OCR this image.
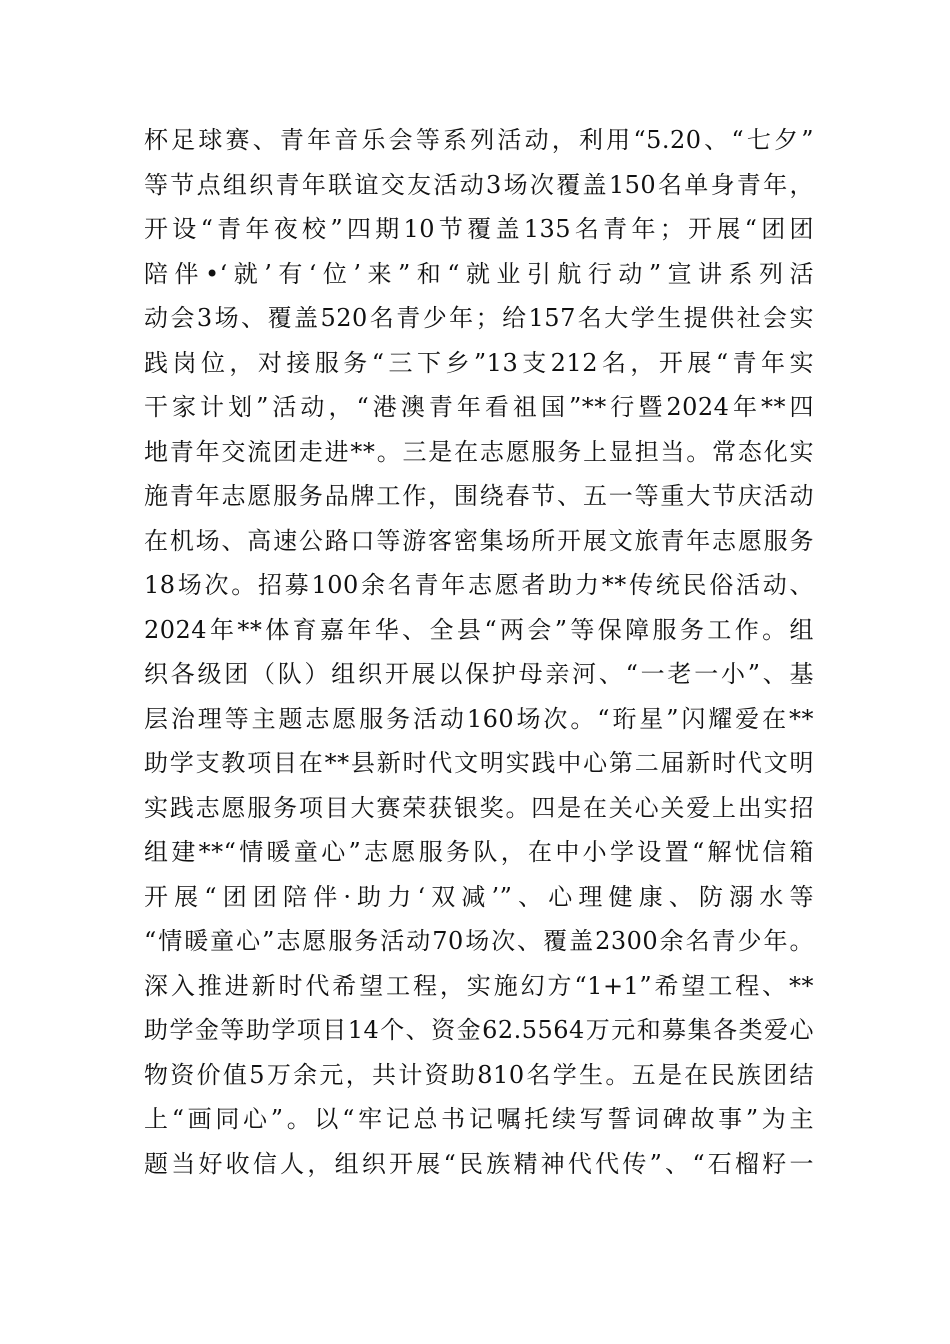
杯足球赛、青年音乐会等系列活动，利用“5.20、“七夕”
等节点组织青年联谊交友活动3场次覆盖150名单身青年，
开设“青年夜校”四期10节覆盖135名青年；开展“团团
陪伴•‘就’有‘位’来”和“就业引航行动”宣讲系列活
动会3场、覆盖520名青少年；给157名大学生提供社会实
践岗位，对接服务“三下乡”13支212名，开展“青年实
干家计划”活动，“港澳青年看祖国”**行暨2024年**四
地青年交流团走进**。三是在志愿服务上显担当。常态化实
施青年志愿服务品牌工作，围绕春节、五一等重大节庆活动
在机场、高速公路口等游客密集场所开展文旅青年志愿服务
18场次。招募100余名青年志愿者助力**传统民俗活动、
2024年**体育嘉年华、全县“两会”等保障服务工作。组
织各级团（队）组织开展以保护母亲河、“一老一小”、基
层治理等主题志愿服务活动160场次。“珩星”闪耀爱在**
助学支教项目在**县新时代文明实践中心第二届新时代文明
实践志愿服务项目大赛荣获银奖。四是在关心关爱上出实招
组建**“情暖童心”志愿服务队，在中小学设置“解忧信箱
开展“团团陪伴·助力‘双减’”、心理健康、防溺水等
“情暖童心”志愿服务活动70场次、覆盖2300余名青少年。
深入推进新时代希望工程，实施幻方“1+1”希望工程、**
助学金等助学项目14个、资金62.5564万元和募集各类爱心
物资价值5万余元，共计资助810名学生。五是在民族团结
上“画同心”。以“牢记总书记嘱托续写誓词碑故事”为主
题当好收信人，组织开展“民族精神代代传”、“石榴籽一
